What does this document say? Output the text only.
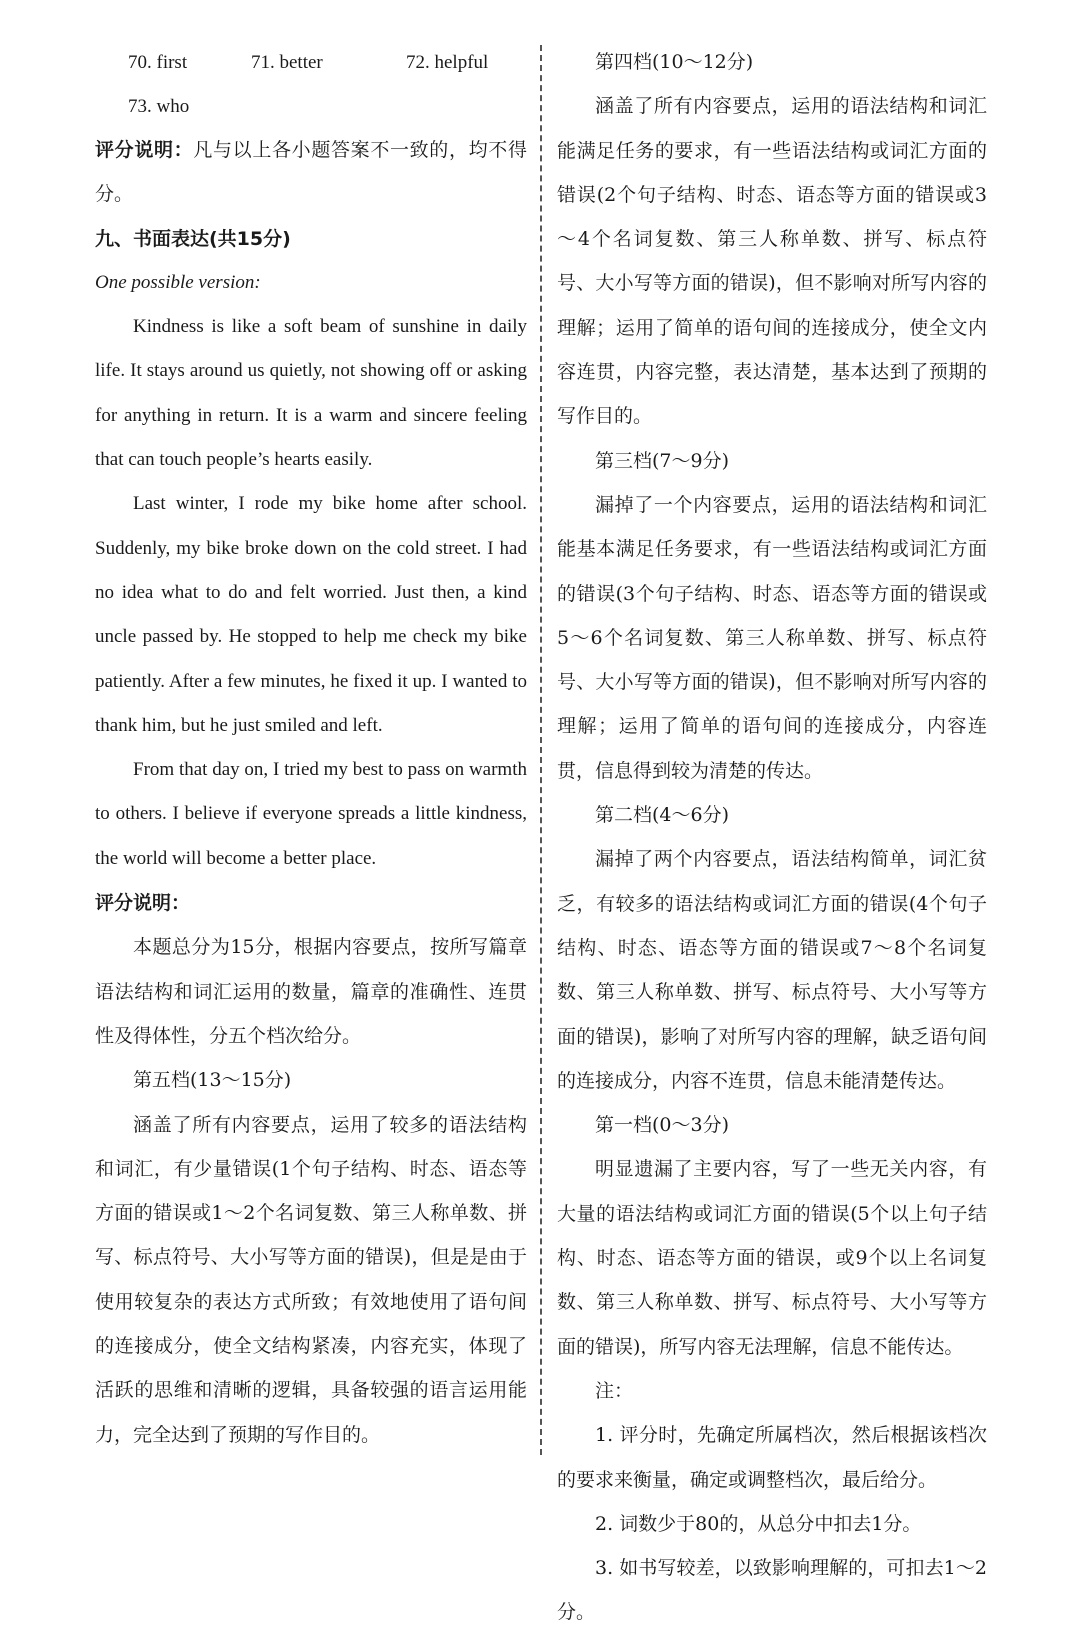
70. first	71. better	72. helpful
73. who

评分说明：凡与以上各小题答案不一致的，均不得分。

九、书面表达(共15分)

One possible version:

Kindness is like a soft beam of sunshine in daily life. It stays around us quietly, not showing off or asking for anything in return. It is a warm and sincere feeling that can touch people’s hearts easily.

Last winter, I rode my bike home after school. Suddenly, my bike broke down on the cold street. I had no idea what to do and felt worried. Just then, a kind uncle passed by. He stopped to help me check my bike patiently. After a few minutes, he fixed it up. I wanted to thank him, but he just smiled and left.

From that day on, I tried my best to pass on warmth to others. I believe if everyone spreads a little kindness, the world will become a better place.

评分说明：

本题总分为15分，根据内容要点，按所写篇章语法结构和词汇运用的数量，篇章的准确性、连贯性及得体性，分五个档次给分。

第五档(13～15分)

涵盖了所有内容要点，运用了较多的语法结构和词汇，有少量错误(1个句子结构、时态、语态等方面的错误或1～2个名词复数、第三人称单数、拼写、标点符号、大小写等方面的错误)，但是是由于使用较复杂的表达方式所致；有效地使用了语句间的连接成分，使全文结构紧凑，内容充实，体现了活跃的思维和清晰的逻辑，具备较强的语言运用能力，完全达到了预期的写作目的。

第四档(10～12分)

涵盖了所有内容要点，运用的语法结构和词汇能满足任务的要求，有一些语法结构或词汇方面的错误(2个句子结构、时态、语态等方面的错误或3～4个名词复数、第三人称单数、拼写、标点符号、大小写等方面的错误)，但不影响对所写内容的理解；运用了简单的语句间的连接成分，使全文内容连贯，内容完整，表达清楚，基本达到了预期的写作目的。

第三档(7～9分)

漏掉了一个内容要点，运用的语法结构和词汇能基本满足任务要求，有一些语法结构或词汇方面的错误(3个句子结构、时态、语态等方面的错误或5～6个名词复数、第三人称单数、拼写、标点符号、大小写等方面的错误)，但不影响对所写内容的理解；运用了简单的语句间的连接成分，内容连贯，信息得到较为清楚的传达。

第二档(4～6分)

漏掉了两个内容要点，语法结构简单，词汇贫乏，有较多的语法结构或词汇方面的错误(4个句子结构、时态、语态等方面的错误或7～8个名词复数、第三人称单数、拼写、标点符号、大小写等方面的错误)，影响了对所写内容的理解，缺乏语句间的连接成分，内容不连贯，信息未能清楚传达。

第一档(0～3分)

明显遗漏了主要内容，写了一些无关内容，有大量的语法结构或词汇方面的错误(5个以上句子结构、时态、语态等方面的错误，或9个以上名词复数、第三人称单数、拼写、标点符号、大小写等方面的错误)，所写内容无法理解，信息不能传达。

注：

1. 评分时，先确定所属档次，然后根据该档次的要求来衡量，确定或调整档次，最后给分。

2. 词数少于80的，从总分中扣去1分。

3. 如书写较差，以致影响理解的，可扣去1～2分。
